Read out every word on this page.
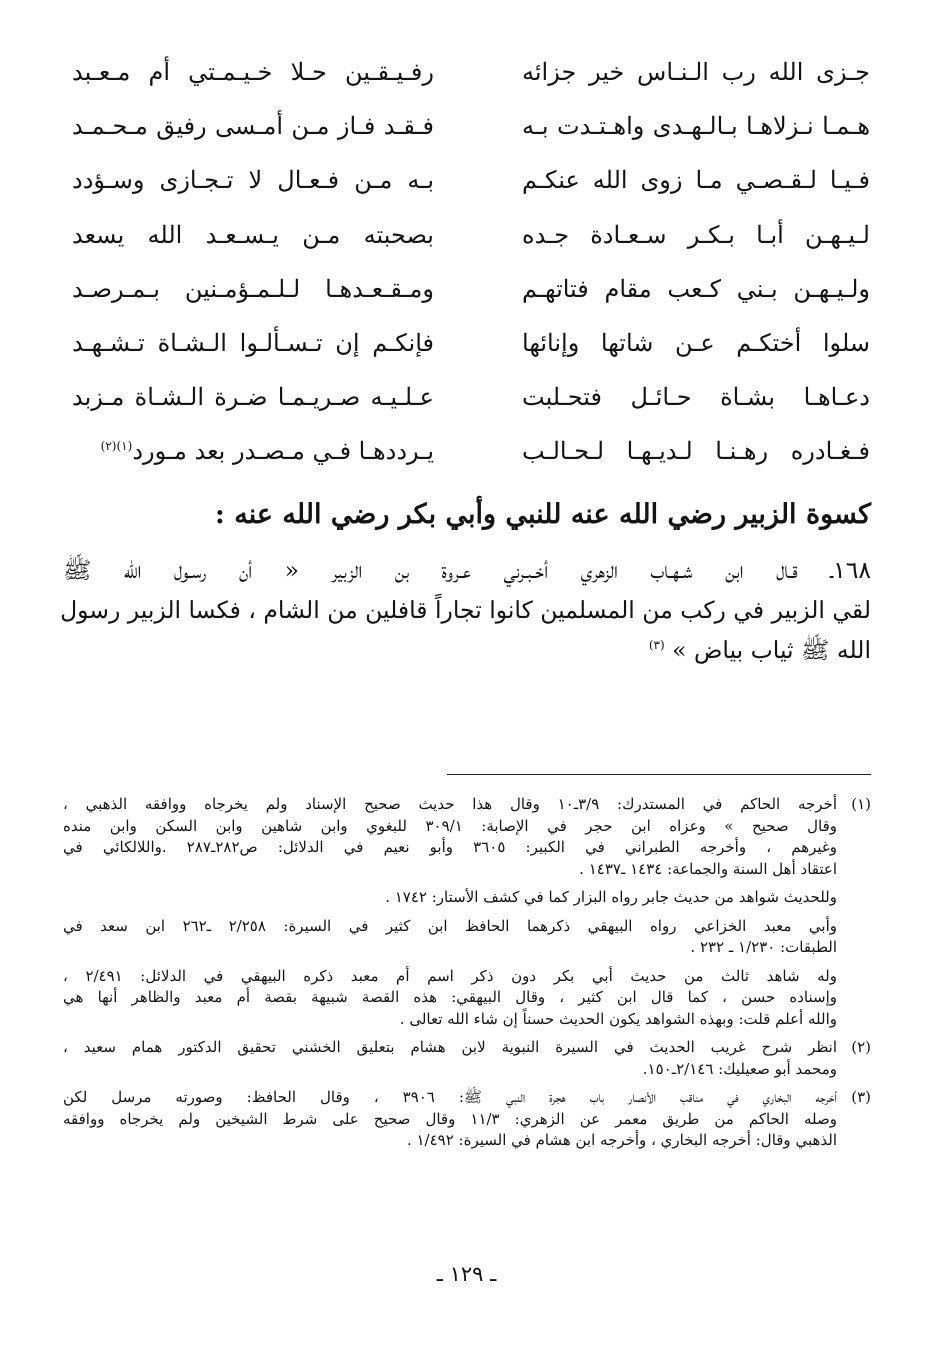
جـزى الله رب الـنـاس خير جزائه
رفـيـقـين حـلا خـيـمـتي أم مـعـبد
هـمـا نـزلاهـا بـالـهـدى واهـتـدت بـه
فـقـد فـاز مـن أمـسى رفيق مـحـمـد
فـيـا لـقـصـي مـا زوى الله عنكـم
بـه مـن فـعـال لا تـجـازى وسـؤدد
لـيـهـن أبـا بـكـر سـعـادة جـده
بصحبته مـن يـسـعـد الله يسعد
ولـيـهـن بـني كـعب مقام فتاتهـم
ومـقـعـدهـا لـلـمـؤمـنين بـمـرصـد
سلوا أختكـم عـن شاتها وإنائها
فإنكـم إن تـسـألـوا الـشـاة تـشـهـد
دعـاهـا بشـاة حـائـل فتحـلبت
عـلـيـه صـريـمـا ضـرة الـشـاة مـزبد
فـغـادره رهـنـا لـديـهـا لـحـالـب
يـرددهـا فـي مـصـدر بعد مـورد$^{(١)(٢)}$
كسوة الزبير رضي الله عنه للنبي وأبي بكر رضي الله عنه :
١٦٨ـ قـال ابن شـهـاب الزهري أخـبـرني عـروة بن الزبير « أن رسـول الله ﷺ
لقي الزبير في ركب من المسلمين كانوا تجاراً قافلين من الشام ، فكسا الزبير رسول
الله ﷺ ثياب بياض » $^{(٣)}$
(١)أخرجه الحاكم في المستدرك: ٣/٩ـ١٠ وقال هذا حديث صحيح الإسناد ولم يخرجاه ووافقه الذهبي ،
وقال صحيح » وعزاه ابن حجر في الإصابة: ٣٠٩/١ للبغوي وابن شاهين وابن السكن وابن منده
وغيرهم ، وأخرجه الطبراني في الكبير: ٣٦٠٥ وأبو نعيم في الدلائل: ص٢٨٢ـ٢٨٧ .واللالكائي في
اعتقاد أهل السنة والجماعة: ١٤٣٤ ـ١٤٣٧ .
وللحديث شواهد من حديث جابر رواه البزار كما في كشف الأستار: ١٧٤٢ .
وأبي معبد الخزاعي رواه البيهقي ذكرهما الحافظ ابن كثير في السيرة: ٢/٢٥٨ ـ٢٦٢ ابن سعد في
الطبقات: ١/٢٣٠ ـ ٢٣٢ .
وله شاهد ثالث من حديث أبي بكر دون ذكر اسم أم معبد ذكره البيهقي في الدلائل: ٢/٤٩١ ،
وإسناده حسن ، كما قال ابن كثير ، وقال البيهقي: هذه القصة شبيهة بقصة أم معبد والظاهر أنها هي
والله أعلم قلت: وبهذه الشواهد يكون الحديث حسناً إن شاء الله تعالى .
(٢)انظر شرح غريب الحديث في السيرة النبوية لابن هشام بتعليق الخشني تحقيق الدكتور همام سعيد ،
ومحمد أبو صعيليك: ٢/١٤٦ـ١٥٠.
(٣)أخرجه البخاري في مناقب الأنصار باب هجرة النبي ﷺ: ٣٩٠٦ ، وقال الحافظ: وصورته مرسل لكن
وصله الحاكم من طريق معمر عن الزهري: ١١/٣ وقال صحيح على شرط الشيخين ولم يخرجاه ووافقه
الذهبي وقال: أخرجه البخاري ، وأخرجه ابن هشام في السيرة: ١/٤٩٢ .
ـ ١٢٩ ـ
